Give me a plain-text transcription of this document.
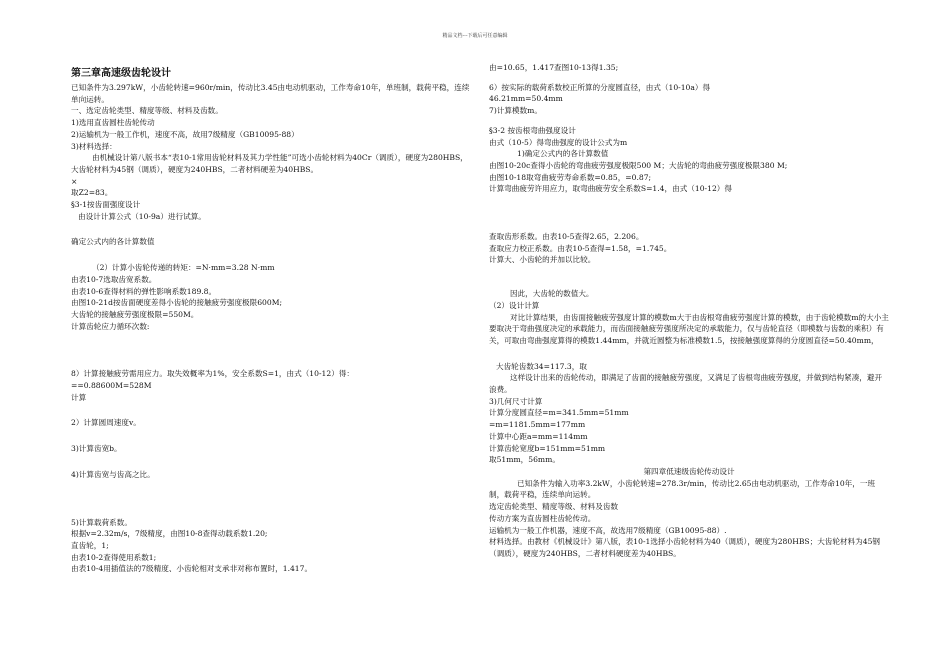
精品文档---下载后可任意编辑
第三章高速级齿轮设计
已知条件为3.297kW，小齿轮转速=960r/min，传动比3.45由电动机驱动，工作寿命10年，单班制，载荷平稳，连续单向运转。
一、选定齿轮类型、精度等级、材料及齿数。
1)选用直齿圆柱齿轮传动
2)运输机为一般工作机，速度不高，故用7级精度（GB10095-88）
3)材料选择：
由机械设计第八版书本“表10-1常用齿轮材料及其力学性能”可选小齿轮材料为40Cr（调质），硬度为280HBS，大齿轮材料为45钢（调质），硬度为240HBS，二者材料硬差为40HBS。
×
取Z2=83。
§3-1按齿面强度设计
由设计计算公式（10-9a）进行试算。
确定公式内的各计算数值
（2）计算小齿轮传递的转矩：=N·mm=3.28 N·mm
由表10-7选取齿宽系数。
由表10-6查得材料的弹性影响系数189.8。
由图10-21d按齿面硬度差得小齿轮的接触疲劳强度极限600M;
大齿轮的接触疲劳强度极限=550M。
计算齿轮应力循环次数:
8）计算接触疲劳需用应力。取失效概率为1%，安全系数S=1，由式（10-12）得：
==0.88600M=528M
计算
2）计算圆周速度v。
3)计算齿宽b。
4)计算齿宽与齿高之比。
5)计算载荷系数。
根据v=2.32m/s，7级精度，由图10-8查得动载系数1.20;
直齿轮，1;
由表10-2查得使用系数1;
由表10-4用插值法的7级精度、小齿轮相对支承非对称布置时，1.417。
由=10.65，1.417查图10-13得1.35;
6）按实际的载荷系数校正所算的分度圆直径，由式（10-10a）得
46.21mm=50.4mm
7)计算模数m。
§3-2 按齿根弯曲强度设计
由式（10-5）得弯曲强度的设计公式为m
1)确定公式内的各计算数值
由图10-20c查得小齿轮的弯曲疲劳强度极限500 M；大齿轮的弯曲疲劳强度极限380 M;
由图10-18取弯曲疲劳寿命系数=0.85，=0.87;
计算弯曲疲劳许用应力，取弯曲疲劳安全系数S=1.4，由式（10-12）得
查取齿形系数。由表10-5查得2.65，2.206。
查取应力校正系数。由表10-5查得=1.58，=1.745。
计算大、小齿轮的并加以比较。
因此，大齿轮的数值大。
（2）设计计算
对比计算结果，由齿面接触疲劳强度计算的模数m大于由齿根弯曲疲劳强度计算的模数，由于齿轮模数m的大小主要取决于弯曲强度决定的承载能力，而齿面接触疲劳强度所决定的承载能力，仅与齿轮直径（即模数与齿数的乘积）有关，可取由弯曲强度算得的模数1.44mm，并就近圆整为标准模数1.5，按接触强度算得的分度圆直径=50.40mm，
大齿轮齿数34=117.3，取
这样设计出来的齿轮传动，即满足了齿面的接触疲劳强度，又满足了齿根弯曲疲劳强度，并做到结构紧凑，避开浪费。
3)几何尺寸计算
计算分度圆直径=m=341.5mm=51mm
=m=1181.5mm=177mm
计算中心距a=mm=114mm
计算齿轮宽度b=151mm=51mm
取51mm，56mm。
第四章低速级齿轮传动设计
已知条件为输入功率3.2kW，小齿轮转速=278.3r/min，传动比2.65由电动机驱动，工作寿命10年，一班制，载荷平稳，连续单向运转。
选定齿轮类型、精度等级、材料及齿数
传动方案为直齿圆柱齿轮传动。
运输机为一般工作机器，速度不高，故选用7级精度（GB10095-88）.
材料选择。由教材《机械设计》第八版，表10-1选择小齿轮材料为40（调质），硬度为280HBS；大齿轮材料为45钢（调质），硬度为240HBS，二者材料硬度差为40HBS。
